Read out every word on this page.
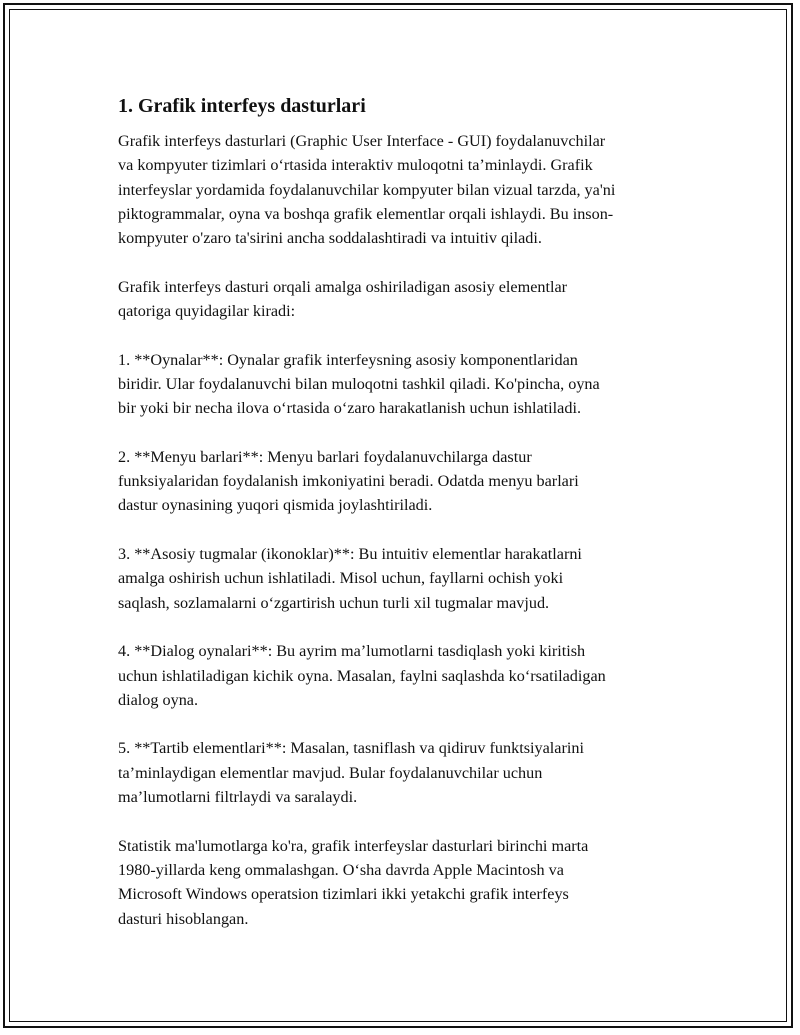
1. Grafik interfeys dasturlari

Grafik interfeys dasturlari (Graphic User Interface - GUI) foydalanuvchilar
va kompyuter tizimlari oʻrtasida interaktiv muloqotni taʼminlaydi. Grafik
interfeyslar yordamida foydalanuvchilar kompyuter bilan vizual tarzda, ya'ni
piktogrammalar, oyna va boshqa grafik elementlar orqali ishlaydi. Bu inson-
kompyuter o'zaro ta'sirini ancha soddalashtiradi va intuitiv qiladi.

Grafik interfeys dasturi orqali amalga oshiriladigan asosiy elementlar
qatoriga quyidagilar kiradi:

1. **Oynalar**: Oynalar grafik interfeysning asosiy komponentlaridan
biridir. Ular foydalanuvchi bilan muloqotni tashkil qiladi. Ko'pincha, oyna
bir yoki bir necha ilova oʻrtasida oʻzaro harakatlanish uchun ishlatiladi.

2. **Menyu barlari**: Menyu barlari foydalanuvchilarga dastur
funksiyalaridan foydalanish imkoniyatini beradi. Odatda menyu barlari
dastur oynasining yuqori qismida joylashtiriladi.

3. **Asosiy tugmalar (ikonoklar)**: Bu intuitiv elementlar harakatlarni
amalga oshirish uchun ishlatiladi. Misol uchun, fayllarni ochish yoki
saqlash, sozlamalarni oʻzgartirish uchun turli xil tugmalar mavjud.

4. **Dialog oynalari**: Bu ayrim maʼlumotlarni tasdiqlash yoki kiritish
uchun ishlatiladigan kichik oyna. Masalan, faylni saqlashda koʻrsatiladigan
dialog oyna.

5. **Tartib elementlari**: Masalan, tasniflash va qidiruv funktsiyalarini
taʼminlaydigan elementlar mavjud. Bular foydalanuvchilar uchun
maʼlumotlarni filtrlaydi va saralaydi.

Statistik ma'lumotlarga ko'ra, grafik interfeyslar dasturlari birinchi marta
1980-yillarda keng ommalashgan. Oʻsha davrda Apple Macintosh va
Microsoft Windows operatsion tizimlari ikki yetakchi grafik interfeys
dasturi hisoblangan.
